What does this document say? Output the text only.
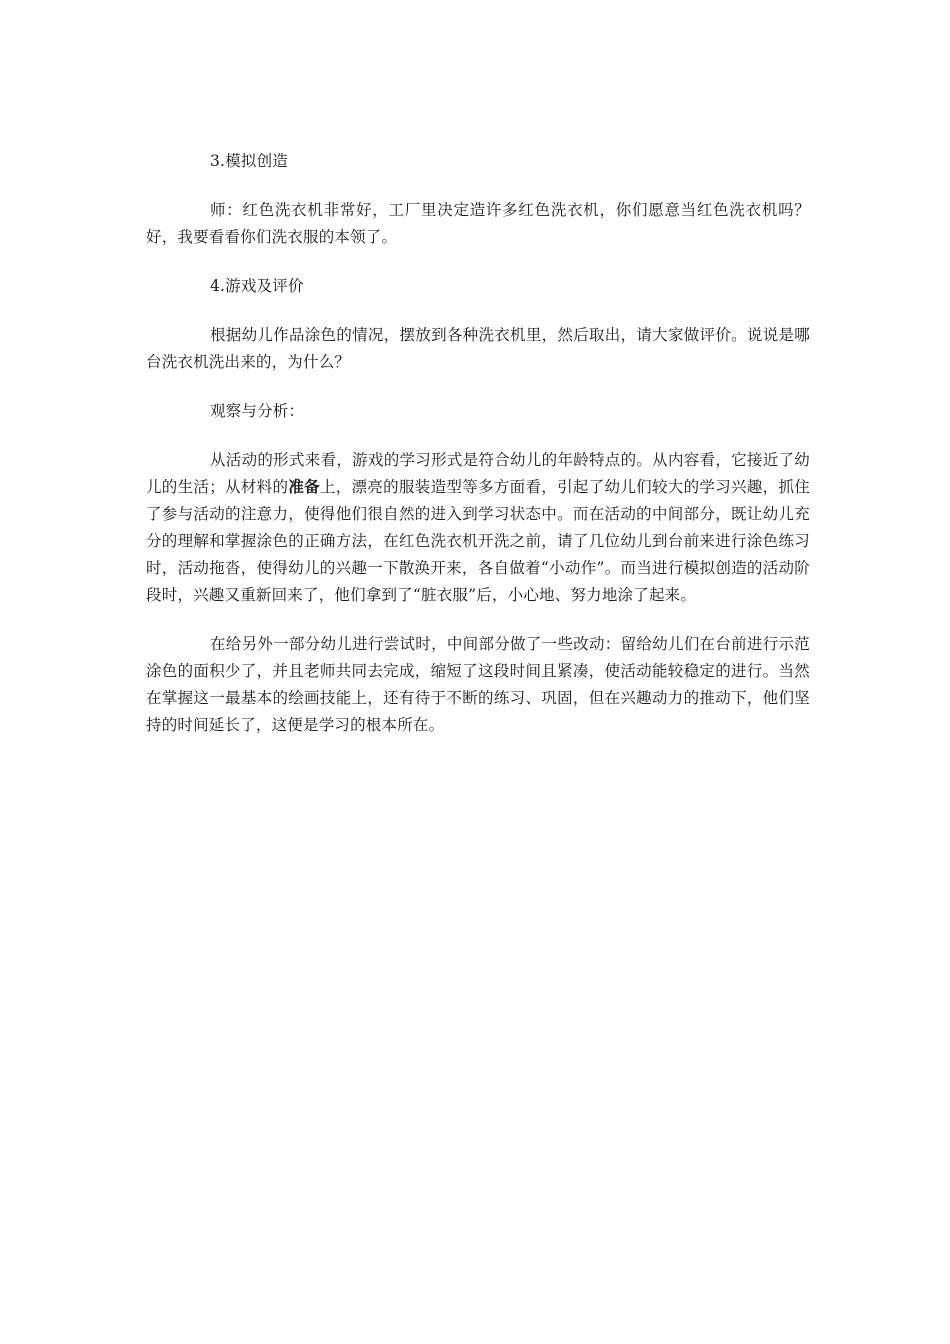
3.模拟创造

师：红色洗衣机非常好，工厂里决定造许多红色洗衣机，你们愿意当红色洗衣机吗？好，我要看看你们洗衣服的本领了。

4.游戏及评价

根据幼儿作品涂色的情况，摆放到各种洗衣机里，然后取出，请大家做评价。说说是哪台洗衣机洗出来的，为什么？

观察与分析：

从活动的形式来看，游戏的学习形式是符合幼儿的年龄特点的。从内容看，它接近了幼儿的生活；从材料的准备上，漂亮的服装造型等多方面看，引起了幼儿们较大的学习兴趣，抓住了参与活动的注意力，使得他们很自然的进入到学习状态中。而在活动的中间部分，既让幼儿充分的理解和掌握涂色的正确方法，在红色洗衣机开洗之前，请了几位幼儿到台前来进行涂色练习时，活动拖沓，使得幼儿的兴趣一下散涣开来，各自做着“小动作”。而当进行模拟创造的活动阶段时，兴趣又重新回来了，他们拿到了“脏衣服”后，小心地、努力地涂了起来。

在给另外一部分幼儿进行尝试时，中间部分做了一些改动：留给幼儿们在台前进行示范涂色的面积少了，并且老师共同去完成，缩短了这段时间且紧凑，使活动能较稳定的进行。当然在掌握这一最基本的绘画技能上，还有待于不断的练习、巩固，但在兴趣动力的推动下，他们坚持的时间延长了，这便是学习的根本所在。
